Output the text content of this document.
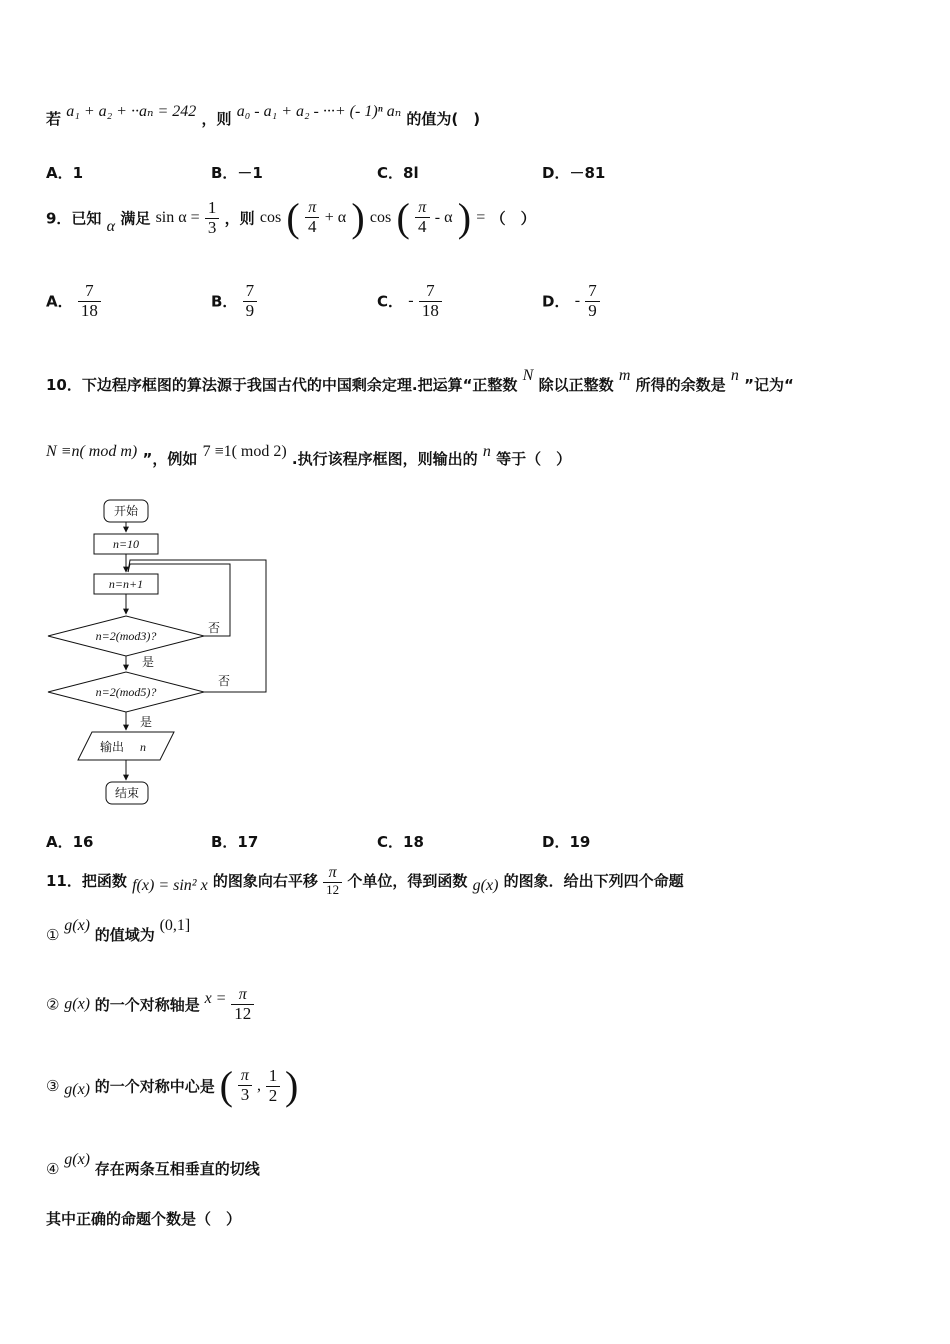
若 a₁ + a₂ + ··aₙ = 242 ，则 a₀ - a₁ + a₂ - ···+ (- 1)ⁿ aₙ 的值为(　)
A．1	B．－1	C．8l	D．－81
9．已知 α 满足 $\sin \alpha = \frac{1}{3}$ ，则 cos ( $\frac{\pi}{4} + \alpha$ ) cos ( $\frac{\pi}{4}$ - α ) = （　）
A． $\frac{7}{18}$	B． $\frac{7}{9}$	C． - $\frac{7}{18}$	D． - $\frac{7}{9}$
10．下边程序框图的算法源于我国古代的中国剩余定理.把运算“正整数 N 除以正整数 m 所得的余数是 n ”记为“
N ≡n( mod m) ”，例如 7 ≡1( mod 2) .执行该程序框图，则输出的 n 等于（　）
开始
n=10
n=n+1
n=2(mod3)?
否
是
n=2(mod5)?
否
是
输出 n
结束
A．16	B．17	C．18	D．19
11．把函数 f(x) = sin² x 的图象向右平移 $\frac{\pi}{12}$ 个单位，得到函数 g(x) 的图象．给出下列四个命题
① g(x) 的值域为 (0,1]
② g(x) 的一个对称轴是 $x = \frac{\pi}{12}$
③ g(x) 的一个对称中心是 ( $\frac{\pi}{3}$ , $\frac{1}{2}$ )
④ g(x) 存在两条互相垂直的切线
其中正确的命题个数是（　）
